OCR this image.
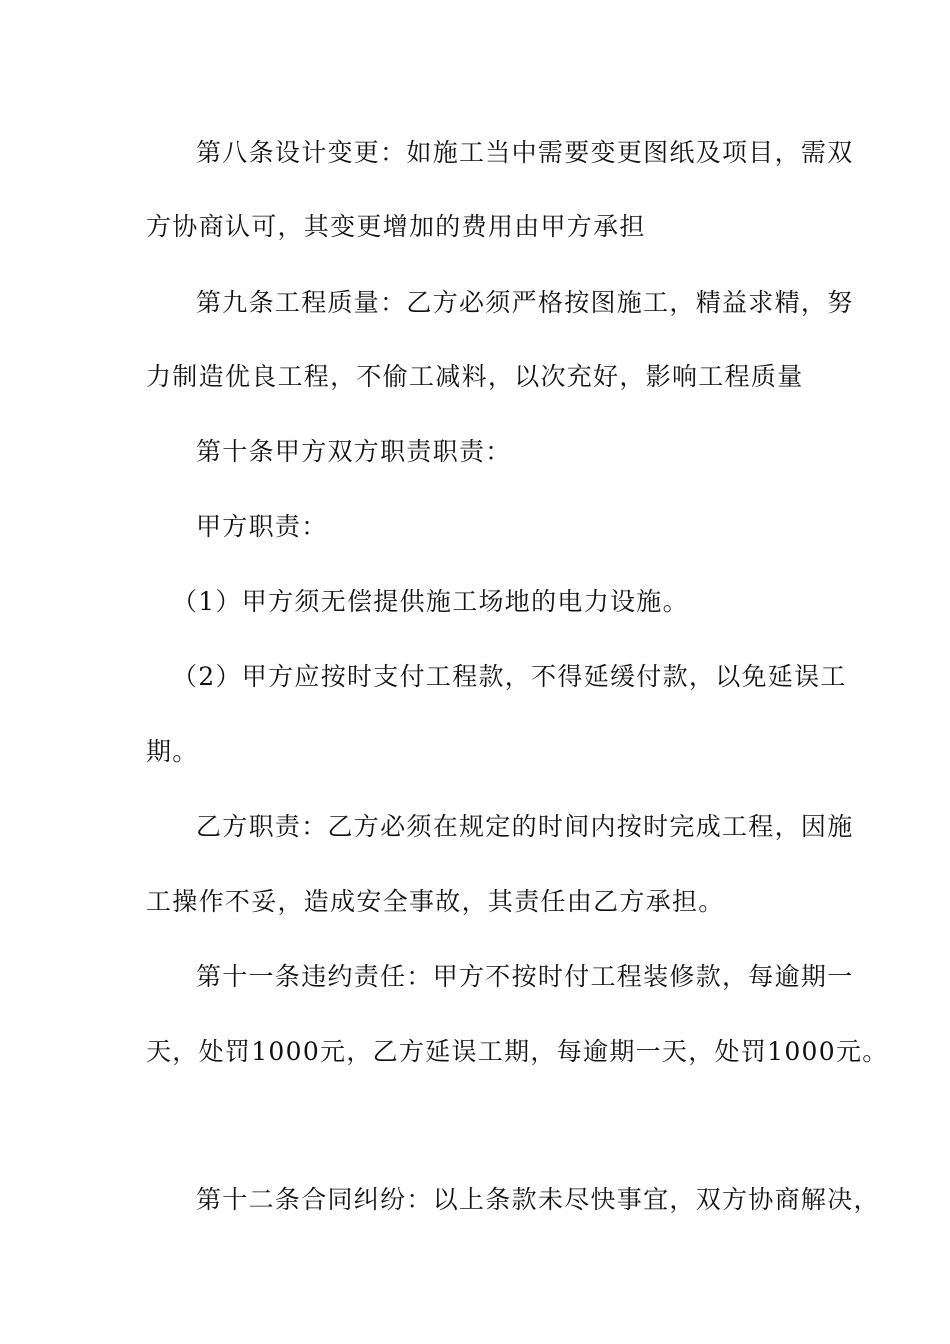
第八条设计变更：如施工当中需要变更图纸及项目，需双
方协商认可，其变更增加的费用由甲方承担
第九条工程质量：乙方必须严格按图施工，精益求精，努
力制造优良工程，不偷工减料，以次充好，影响工程质量
第十条甲方双方职责职责：
甲方职责：
（1）甲方须无偿提供施工场地的电力设施。
（2）甲方应按时支付工程款，不得延缓付款，以免延误工
期。
乙方职责：乙方必须在规定的时间内按时完成工程，因施
工操作不妥，造成安全事故，其责任由乙方承担。
第十一条违约责任：甲方不按时付工程装修款，每逾期一
天，处罚1000元，乙方延误工期，每逾期一天，处罚1000元。
第十二条合同纠纷：以上条款未尽快事宜，双方协商解决，
